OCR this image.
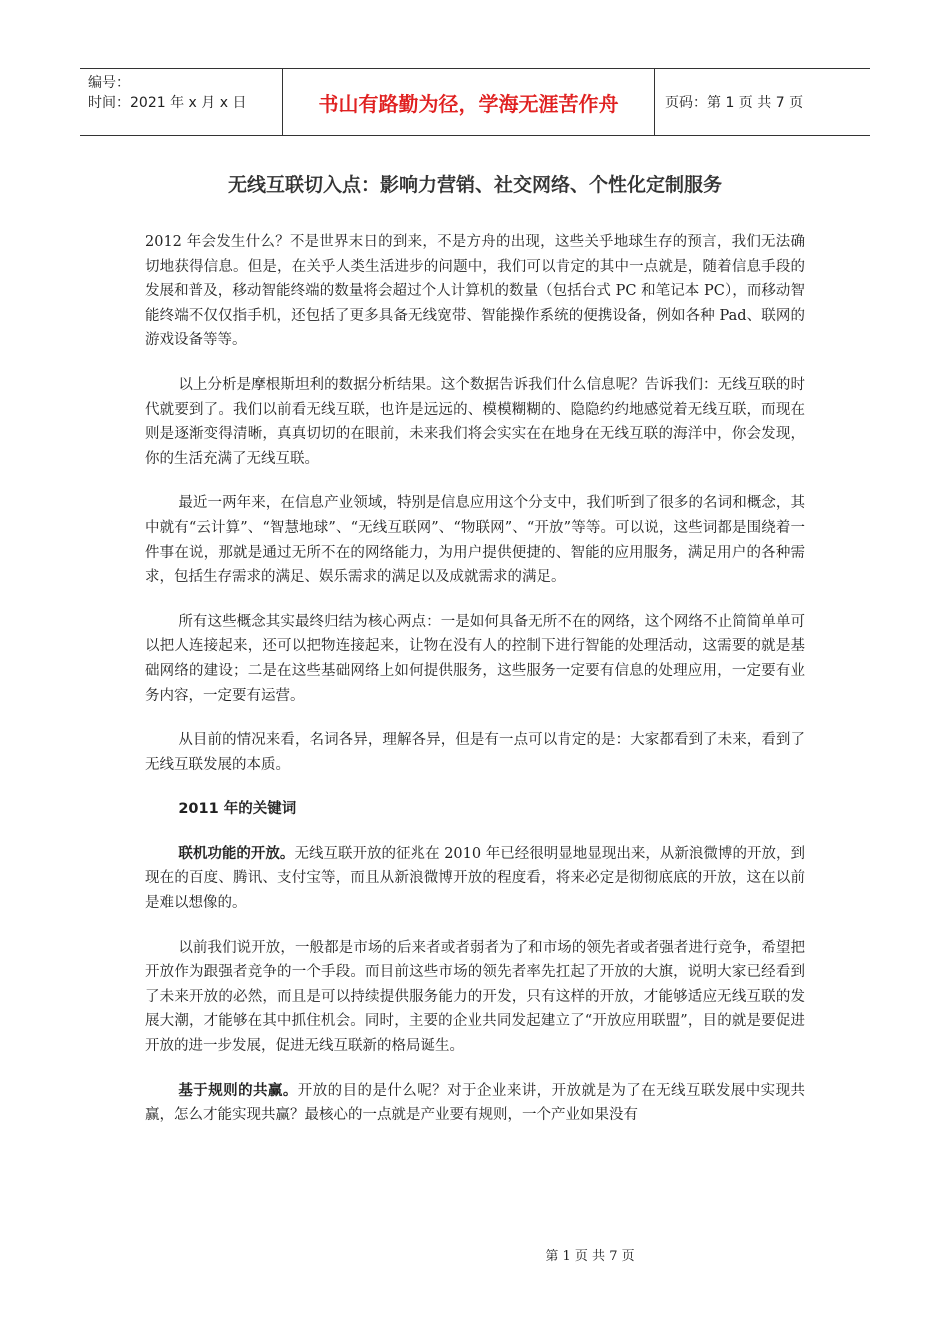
编号：
时间：2021 年 x 月 x 日	书山有路勤为径，学海无涯苦作舟	页码：第 1 页 共 7 页
无线互联切入点：影响力营销、社交网络、个性化定制服务

2012 年会发生什么？不是世界末日的到来，不是方舟的出现，这些关乎地球生存的预言，我们无法确切地获得信息。但是，在关乎人类生活进步的问题中，我们可以肯定的其中一点就是，随着信息手段的发展和普及，移动智能终端的数量将会超过个人计算机的数量（包括台式 PC 和笔记本 PC），而移动智能终端不仅仅指手机，还包括了更多具备无线宽带、智能操作系统的便携设备，例如各种 Pad、联网的游戏设备等等。

以上分析是摩根斯坦利的数据分析结果。这个数据告诉我们什么信息呢？告诉我们：无线互联的时代就要到了。我们以前看无线互联，也许是远远的、模模糊糊的、隐隐约约地感觉着无线互联，而现在则是逐渐变得清晰，真真切切的在眼前，未来我们将会实实在在地身在无线互联的海洋中，你会发现，你的生活充满了无线互联。

最近一两年来，在信息产业领域，特别是信息应用这个分支中，我们听到了很多的名词和概念，其中就有“云计算”、“智慧地球”、“无线互联网”、“物联网”、“开放”等等。可以说，这些词都是围绕着一件事在说，那就是通过无所不在的网络能力，为用户提供便捷的、智能的应用服务，满足用户的各种需求，包括生存需求的满足、娱乐需求的满足以及成就需求的满足。

所有这些概念其实最终归结为核心两点：一是如何具备无所不在的网络，这个网络不止简简单单可以把人连接起来，还可以把物连接起来，让物在没有人的控制下进行智能的处理活动，这需要的就是基础网络的建设；二是在这些基础网络上如何提供服务，这些服务一定要有信息的处理应用，一定要有业务内容，一定要有运营。

从目前的情况来看，名词各异，理解各异，但是有一点可以肯定的是：大家都看到了未来，看到了无线互联发展的本质。

2011 年的关键词

联机功能的开放。无线互联开放的征兆在 2010 年已经很明显地显现出来，从新浪微博的开放，到现在的百度、腾讯、支付宝等，而且从新浪微博开放的程度看，将来必定是彻彻底底的开放，这在以前是难以想像的。

以前我们说开放，一般都是市场的后来者或者弱者为了和市场的领先者或者强者进行竞争，希望把开放作为跟强者竞争的一个手段。而目前这些市场的领先者率先扛起了开放的大旗，说明大家已经看到了未来开放的必然，而且是可以持续提供服务能力的开发，只有这样的开放，才能够适应无线互联的发展大潮，才能够在其中抓住机会。同时，主要的企业共同发起建立了“开放应用联盟”，目的就是要促进开放的进一步发展，促进无线互联新的格局诞生。

基于规则的共赢。开放的目的是什么呢？对于企业来讲，开放就是为了在无线互联发展中实现共赢，怎么才能实现共赢？最核心的一点就是产业要有规则，一个产业如果没有

第 1 页 共 7 页
